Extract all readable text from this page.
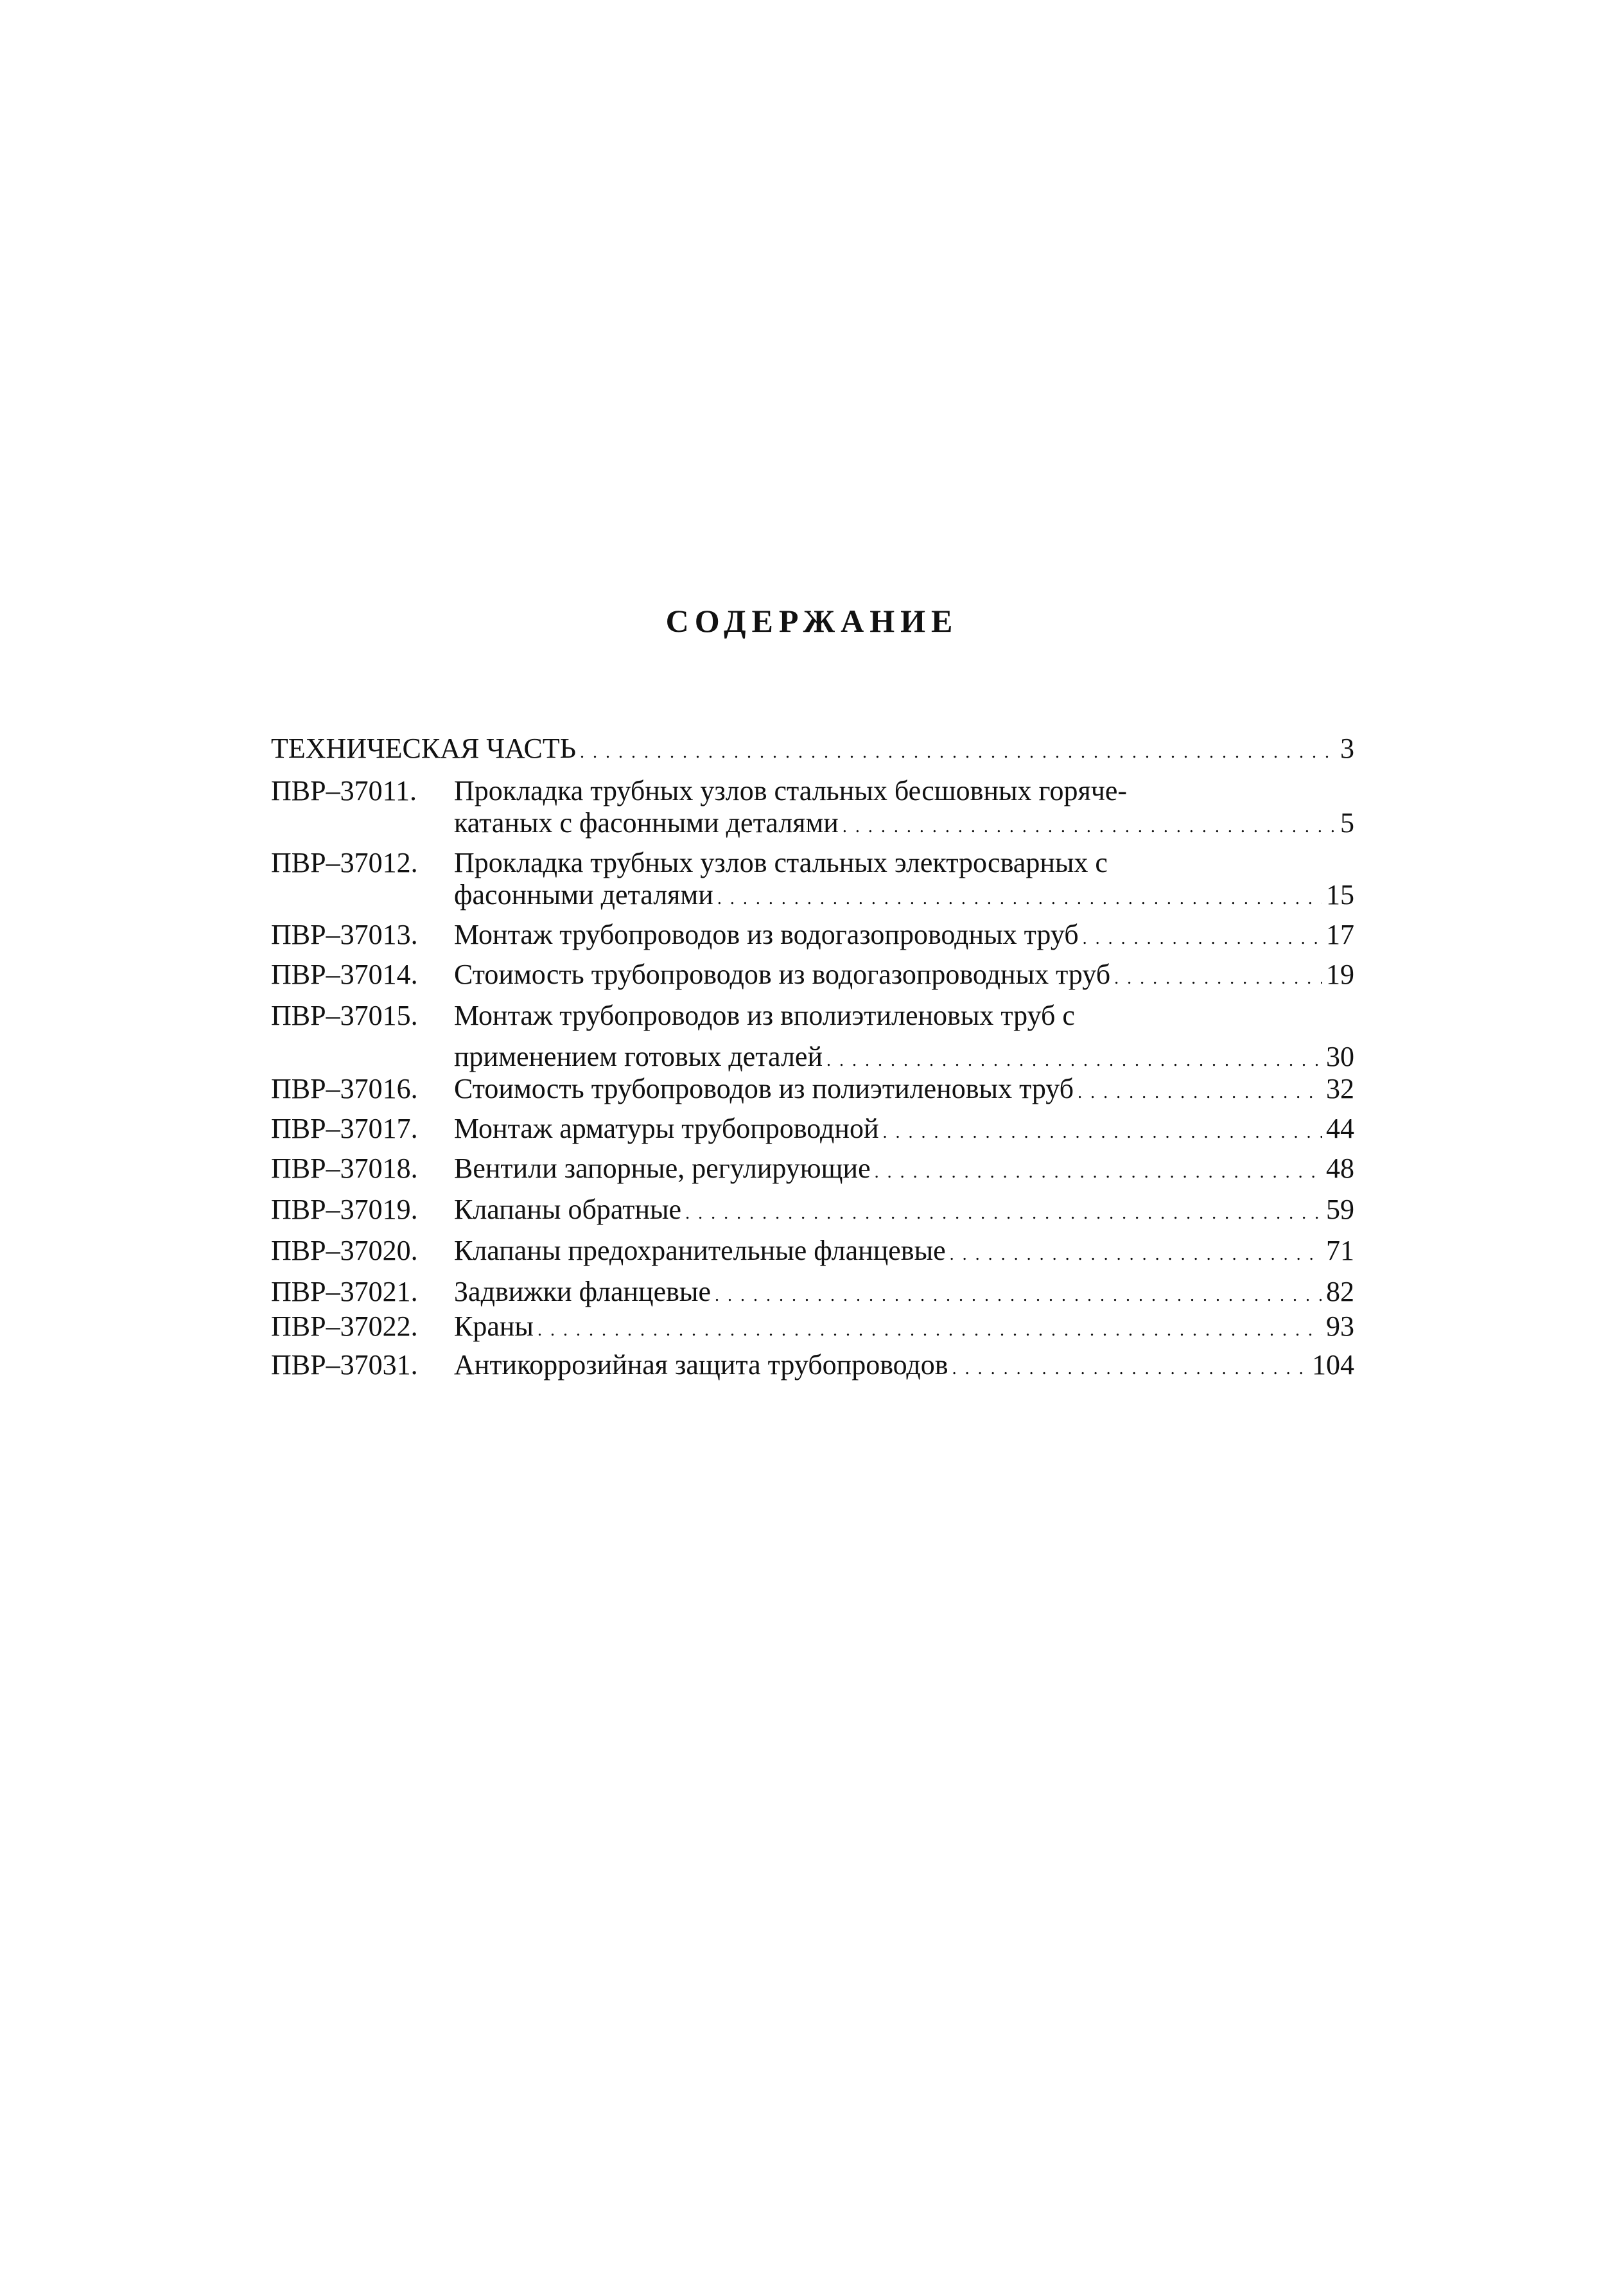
СОДЕРЖАНИЕ
ТЕХНИЧЕСКАЯ ЧАСТЬ . . .	3
ПВР–37011. Прокладка трубных узлов стальных бесшовных горяче-
катаных с фасонными деталями . . .	5
ПВР–37012. Прокладка трубных узлов стальных электросварных с
фасонными деталями . . .	15
ПВР–37013. Монтаж трубопроводов из водогазопроводных труб . . .	17
ПВР–37014. Стоимость трубопроводов из водогазопроводных труб . . .	19
ПВР–37015. Монтаж трубопроводов из вполиэтиленовых труб с
применением готовых деталей . . .	30
ПВР–37016. Стоимость трубопроводов из полиэтиленовых труб . . .	32
ПВР–37017. Монтаж арматуры трубопроводной . . .	44
ПВР–37018. Вентили запорные, регулирующие . . .	48
ПВР–37019. Клапаны обратные . . .	59
ПВР–37020. Клапаны предохранительные фланцевые . . .	71
ПВР–37021. Задвижки фланцевые . . .	82
ПВР–37022. Краны . . .	93
ПВР–37031. Антикоррозийная защита трубопроводов . . .	104
